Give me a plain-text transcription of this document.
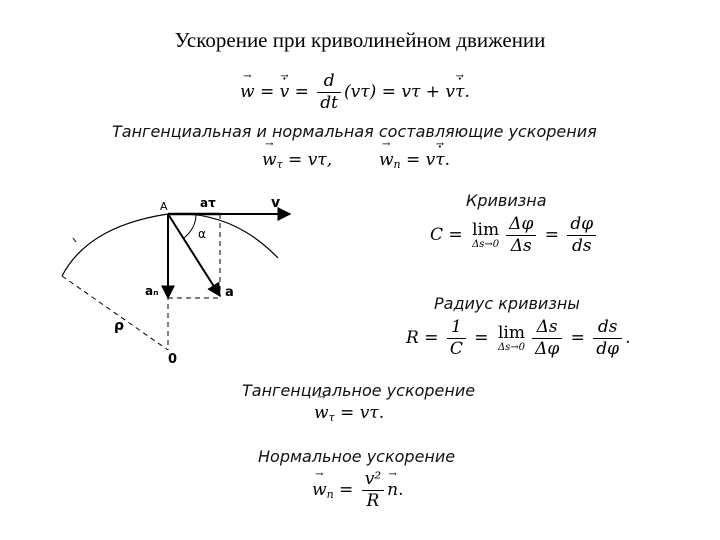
Ускорение при криволинейном движении
→ w = → v · = $\frac{d}{dt} (v\tau) = v\tau + v\to \tau$ ·.
Тангенциальная и нормальная составляющие ускорения
→ wτ = vτ,  →	wn = v→ τ ·.
Кривизна
C = lim
$\Delta s\to 0 \frac{\Delta\varphi}{\Delta s} = \frac{d\varphi}{ds}$
Радиус кривизны
$R = \frac{1}{C} = \lim$
$\Delta s\to 0 \frac{\Delta s}{\Delta\varphi} = \frac{ds}{d\varphi}$ .
Тангенциальное ускорение
→ wτ = vτ.
Нормальное ускорение
→ wn = $\frac{\text{v²}}{R}$
→ n.
A	aτ	v
α
aₙ	a
ρ
0
